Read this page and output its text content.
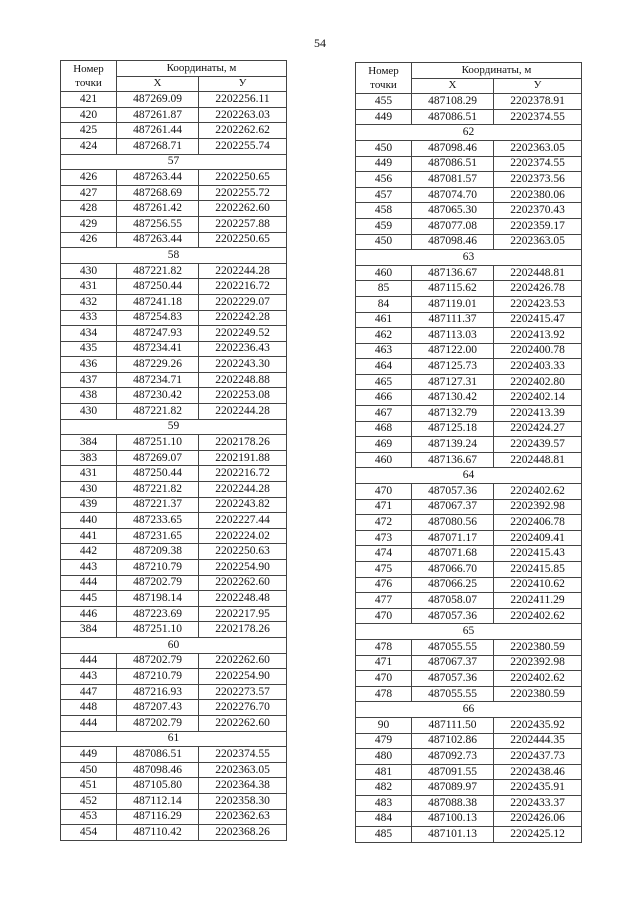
54
Номер точки	Координаты, м	
	Х	У
421	487269.09	2202256.11
420	487261.87	2202263.03
425	487261.44	2202262.62
424	487268.71	2202255.74
57		
426	487263.44	2202250.65
427	487268.69	2202255.72
428	487261.42	2202262.60
429	487256.55	2202257.88
426	487263.44	2202250.65
58		
430	487221.82	2202244.28
431	487250.44	2202216.72
432	487241.18	2202229.07
433	487254.83	2202242.28
434	487247.93	2202249.52
435	487234.41	2202236.43
436	487229.26	2202243.30
437	487234.71	2202248.88
438	487230.42	2202253.08
430	487221.82	2202244.28
59		
384	487251.10	2202178.26
383	487269.07	2202191.88
431	487250.44	2202216.72
430	487221.82	2202244.28
439	487221.37	2202243.82
440	487233.65	2202227.44
441	487231.65	2202224.02
442	487209.38	2202250.63
443	487210.79	2202254.90
444	487202.79	2202262.60
445	487198.14	2202248.48
446	487223.69	2202217.95
384	487251.10	2202178.26
60		
444	487202.79	2202262.60
443	487210.79	2202254.90
447	487216.93	2202273.57
448	487207.43	2202276.70
444	487202.79	2202262.60
61		
449	487086.51	2202374.55
450	487098.46	2202363.05
451	487105.80	2202364.38
452	487112.14	2202358.30
453	487116.29	2202362.63
454	487110.42	2202368.26
Номер точки	Координаты, м	
	Х	У
455	487108.29	2202378.91
449	487086.51	2202374.55
62		
450	487098.46	2202363.05
449	487086.51	2202374.55
456	487081.57	2202373.56
457	487074.70	2202380.06
458	487065.30	2202370.43
459	487077.08	2202359.17
450	487098.46	2202363.05
63		
460	487136.67	2202448.81
85	487115.62	2202426.78
84	487119.01	2202423.53
461	487111.37	2202415.47
462	487113.03	2202413.92
463	487122.00	2202400.78
464	487125.73	2202403.33
465	487127.31	2202402.80
466	487130.42	2202402.14
467	487132.79	2202413.39
468	487125.18	2202424.27
469	487139.24	2202439.57
460	487136.67	2202448.81
64		
470	487057.36	2202402.62
471	487067.37	2202392.98
472	487080.56	2202406.78
473	487071.17	2202409.41
474	487071.68	2202415.43
475	487066.70	2202415.85
476	487066.25	2202410.62
477	487058.07	2202411.29
470	487057.36	2202402.62
65		
478	487055.55	2202380.59
471	487067.37	2202392.98
470	487057.36	2202402.62
478	487055.55	2202380.59
66		
90	487111.50	2202435.92
479	487102.86	2202444.35
480	487092.73	2202437.73
481	487091.55	2202438.46
482	487089.97	2202435.91
483	487088.38	2202433.37
484	487100.13	2202426.06
485	487101.13	2202425.12
